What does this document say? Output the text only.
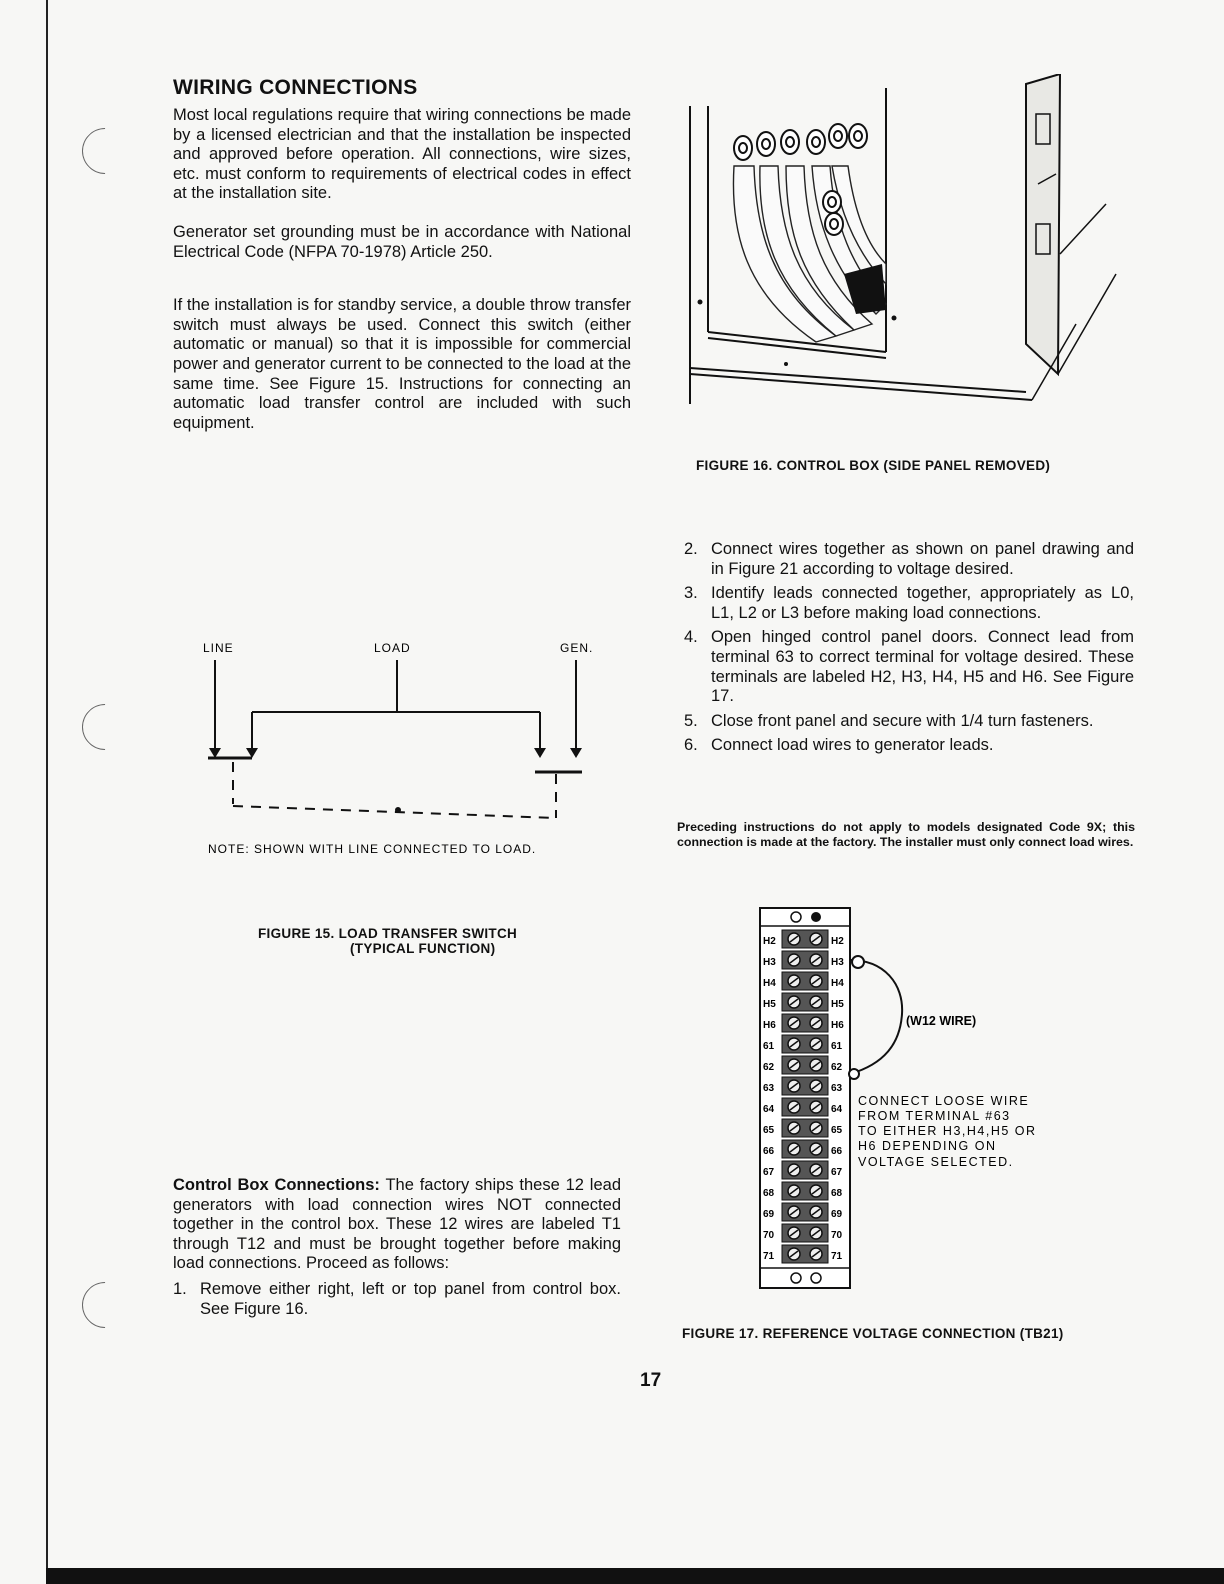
WIRING CONNECTIONS

Most local regulations require that wiring connections be made by a licensed electrician and that the installation be inspected and approved before operation. All connections, wire sizes, etc. must conform to requirements of electrical codes in effect at the installation site.

Generator set grounding must be in accordance with National Electrical Code (NFPA 70-1978) Article 250.

If the installation is for standby service, a double throw transfer switch must always be used. Connect this switch (either automatic or manual) so that it is impossible for commercial power and generator current to be connected to the load at the same time. See Figure 15. Instructions for connecting an automatic load transfer control are included with such equipment.

LINE	LOAD	GEN.
NOTE: SHOWN WITH LINE CONNECTED TO LOAD.
FIGURE 15. LOAD TRANSFER SWITCH
(TYPICAL FUNCTION)

Control Box Connections: The factory ships these 12 lead generators with load connection wires NOT connected together in the control box. These 12 wires are labeled T1 through T12 and must be brought together before making load connections. Proceed as follows:

1. Remove either right, left or top panel from control box. See Figure 16.
FIGURE 16. CONTROL BOX (SIDE PANEL REMOVED)
2. Connect wires together as shown on panel drawing and in Figure 21 according to voltage desired.
3. Identify leads connected together, appropriately as L0, L1, L2 or L3 before making load connections.
4. Open hinged control panel doors. Connect lead from terminal 63 to correct terminal for voltage desired. These terminals are labeled H2, H3, H4, H5 and H6. See Figure 17.
5. Close front panel and secure with 1/4 turn fasteners.
6. Connect load wires to generator leads.

Preceding instructions do not apply to models designated Code 9X; this connection is made at the factory. The installer must only connect load wires.

H2	H2
H3	H3
H4	H4
H5	H5
H6	H6
61	61
62	62
63	63
64	64
65	65
66	66
67	67
68	68
69	69
70	70
71	71
(W12 WIRE)
CONNECT LOOSE WIRE
FROM TERMINAL #63
TO EITHER H3,H4,H5 OR
H6 DEPENDING ON
VOLTAGE SELECTED.
FIGURE 17. REFERENCE VOLTAGE CONNECTION (TB21)
17
